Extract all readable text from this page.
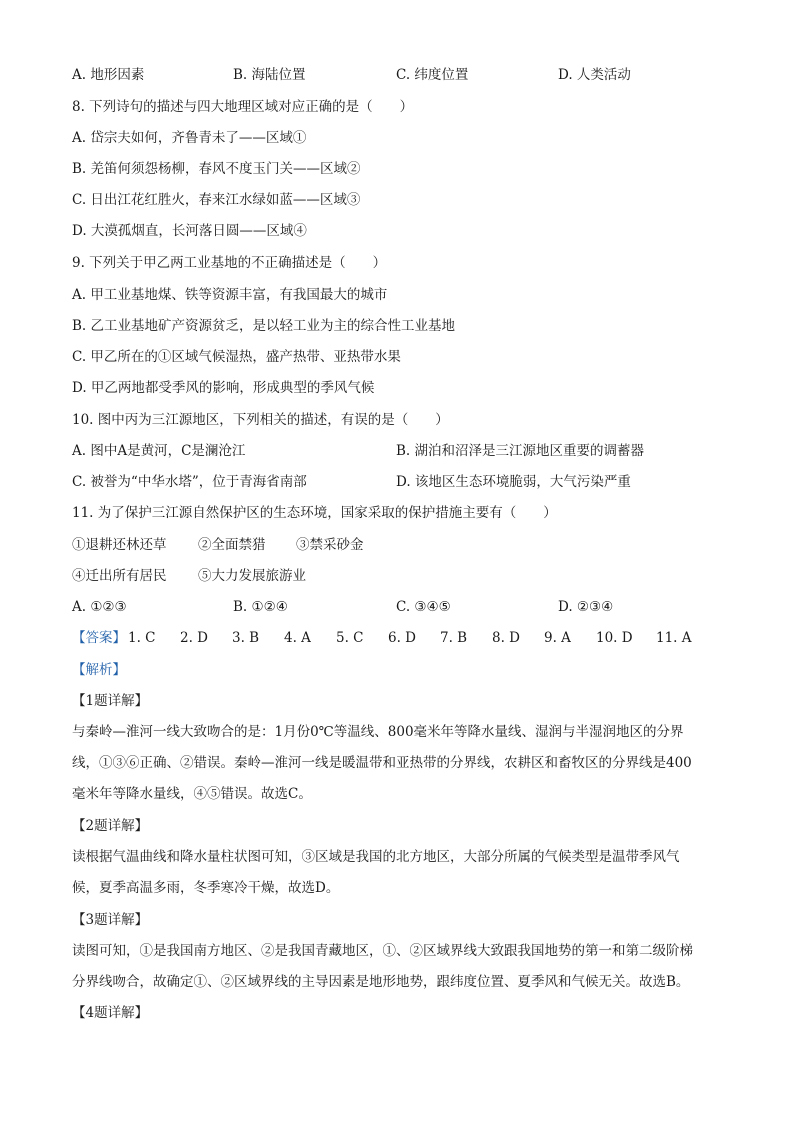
A. 地形因素	B. 海陆位置	C. 纬度位置	D. 人类活动
8. 下列诗句的描述与四大地理区域对应正确的是（　　）
A. 岱宗夫如何，齐鲁青未了——区域①
B. 羌笛何须怨杨柳，春风不度玉门关——区域②
C. 日出江花红胜火，春来江水绿如蓝——区域③
D. 大漠孤烟直，长河落日圆——区域④
9. 下列关于甲乙两工业基地的不正确描述是（　　）
A. 甲工业基地煤、铁等资源丰富，有我国最大的城市
B. 乙工业基地矿产资源贫乏，是以轻工业为主的综合性工业基地
C. 甲乙所在的①区域气候湿热，盛产热带、亚热带水果
D. 甲乙两地都受季风的影响，形成典型的季风气候
10. 图中丙为三江源地区，下列相关的描述，有误的是（　　）
A. 图中A是黄河，C是澜沧江	B. 湖泊和沼泽是三江源地区重要的调蓄器
C. 被誉为“中华水塔”，位于青海省南部	D. 该地区生态环境脆弱，大气污染严重
11. 为了保护三江源自然保护区的生态环境，国家采取的保护措施主要有（　　）
①退耕还林还草 ②全面禁猎 ③禁采砂金
④迁出所有居民 ⑤大力发展旅游业
A. ①②③	B. ①②④	C. ③④⑤	D. ②③④
【答案】 1. C 2. D 3. B 4. A 5. C 6. D 7. B 8. D 9. A 10. D 11. A
【解析】
【1题详解】
与秦岭—淮河一线大致吻合的是：1月份0℃等温线、800毫米年等降水量线、湿润与半湿润地区的分界
线，①③⑥正确、②错误。秦岭—淮河一线是暖温带和亚热带的分界线，农耕区和畜牧区的分界线是400
毫米年等降水量线，④⑤错误。故选C。
【2题详解】
读根据气温曲线和降水量柱状图可知，③区域是我国的北方地区，大部分所属的气候类型是温带季风气
候，夏季高温多雨，冬季寒冷干燥，故选D。
【3题详解】
读图可知，①是我国南方地区、②是我国青藏地区，①、②区域界线大致跟我国地势的第一和第二级阶梯
分界线吻合，故确定①、②区域界线的主导因素是地形地势，跟纬度位置、夏季风和气候无关。故选B。
【4题详解】
